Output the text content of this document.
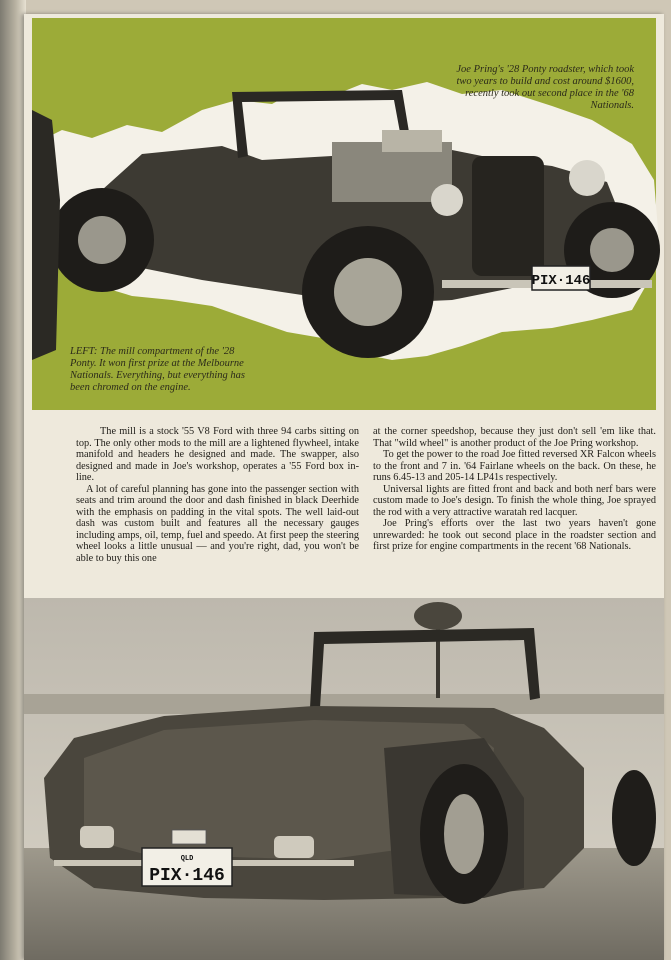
PIX·146
Joe Pring's '28 Ponty roadster, which took two years to build and cost around $1600, recently took out second place in the '68 Nationals.
LEFT: The mill compartment of the '28 Ponty. It won first prize at the Melbourne Nationals. Everything, but everything has been chromed on the engine.

The mill is a stock '55 V8 Ford with three 94 carbs sitting on top. The only other mods to the mill are a lightened flywheel, intake manifold and headers he designed and made. The swapper, also designed and made in Joe's workshop, operates a '55 Ford box in-line.

A lot of careful planning has gone into the passenger section with seats and trim around the door and dash finished in black Deerhide with the emphasis on padding in the vital spots. The well laid-out dash was custom built and features all the necessary gauges including amps, oil, temp, fuel and speedo. At first peep the steering wheel looks a little unusual — and you're right, dad, you won't be able to buy this one

at the corner speedshop, because they just don't sell 'em like that. That "wild wheel" is another product of the Joe Pring workshop.

To get the power to the road Joe fitted reversed XR Falcon wheels to the front and 7 in. '64 Fairlane wheels on the back. On these, he runs 6.45-13 and 205-14 LP41s respectively.

Universal lights are fitted front and back and both nerf bars were custom made to Joe's design. To finish the whole thing, Joe sprayed the rod with a very attractive waratah red lacquer.

Joe Pring's efforts over the last two years haven't gone unrewarded: he took out second place in the roadster section and first prize for engine compartments in the recent '68 Nationals.

QLD
PIX·146
